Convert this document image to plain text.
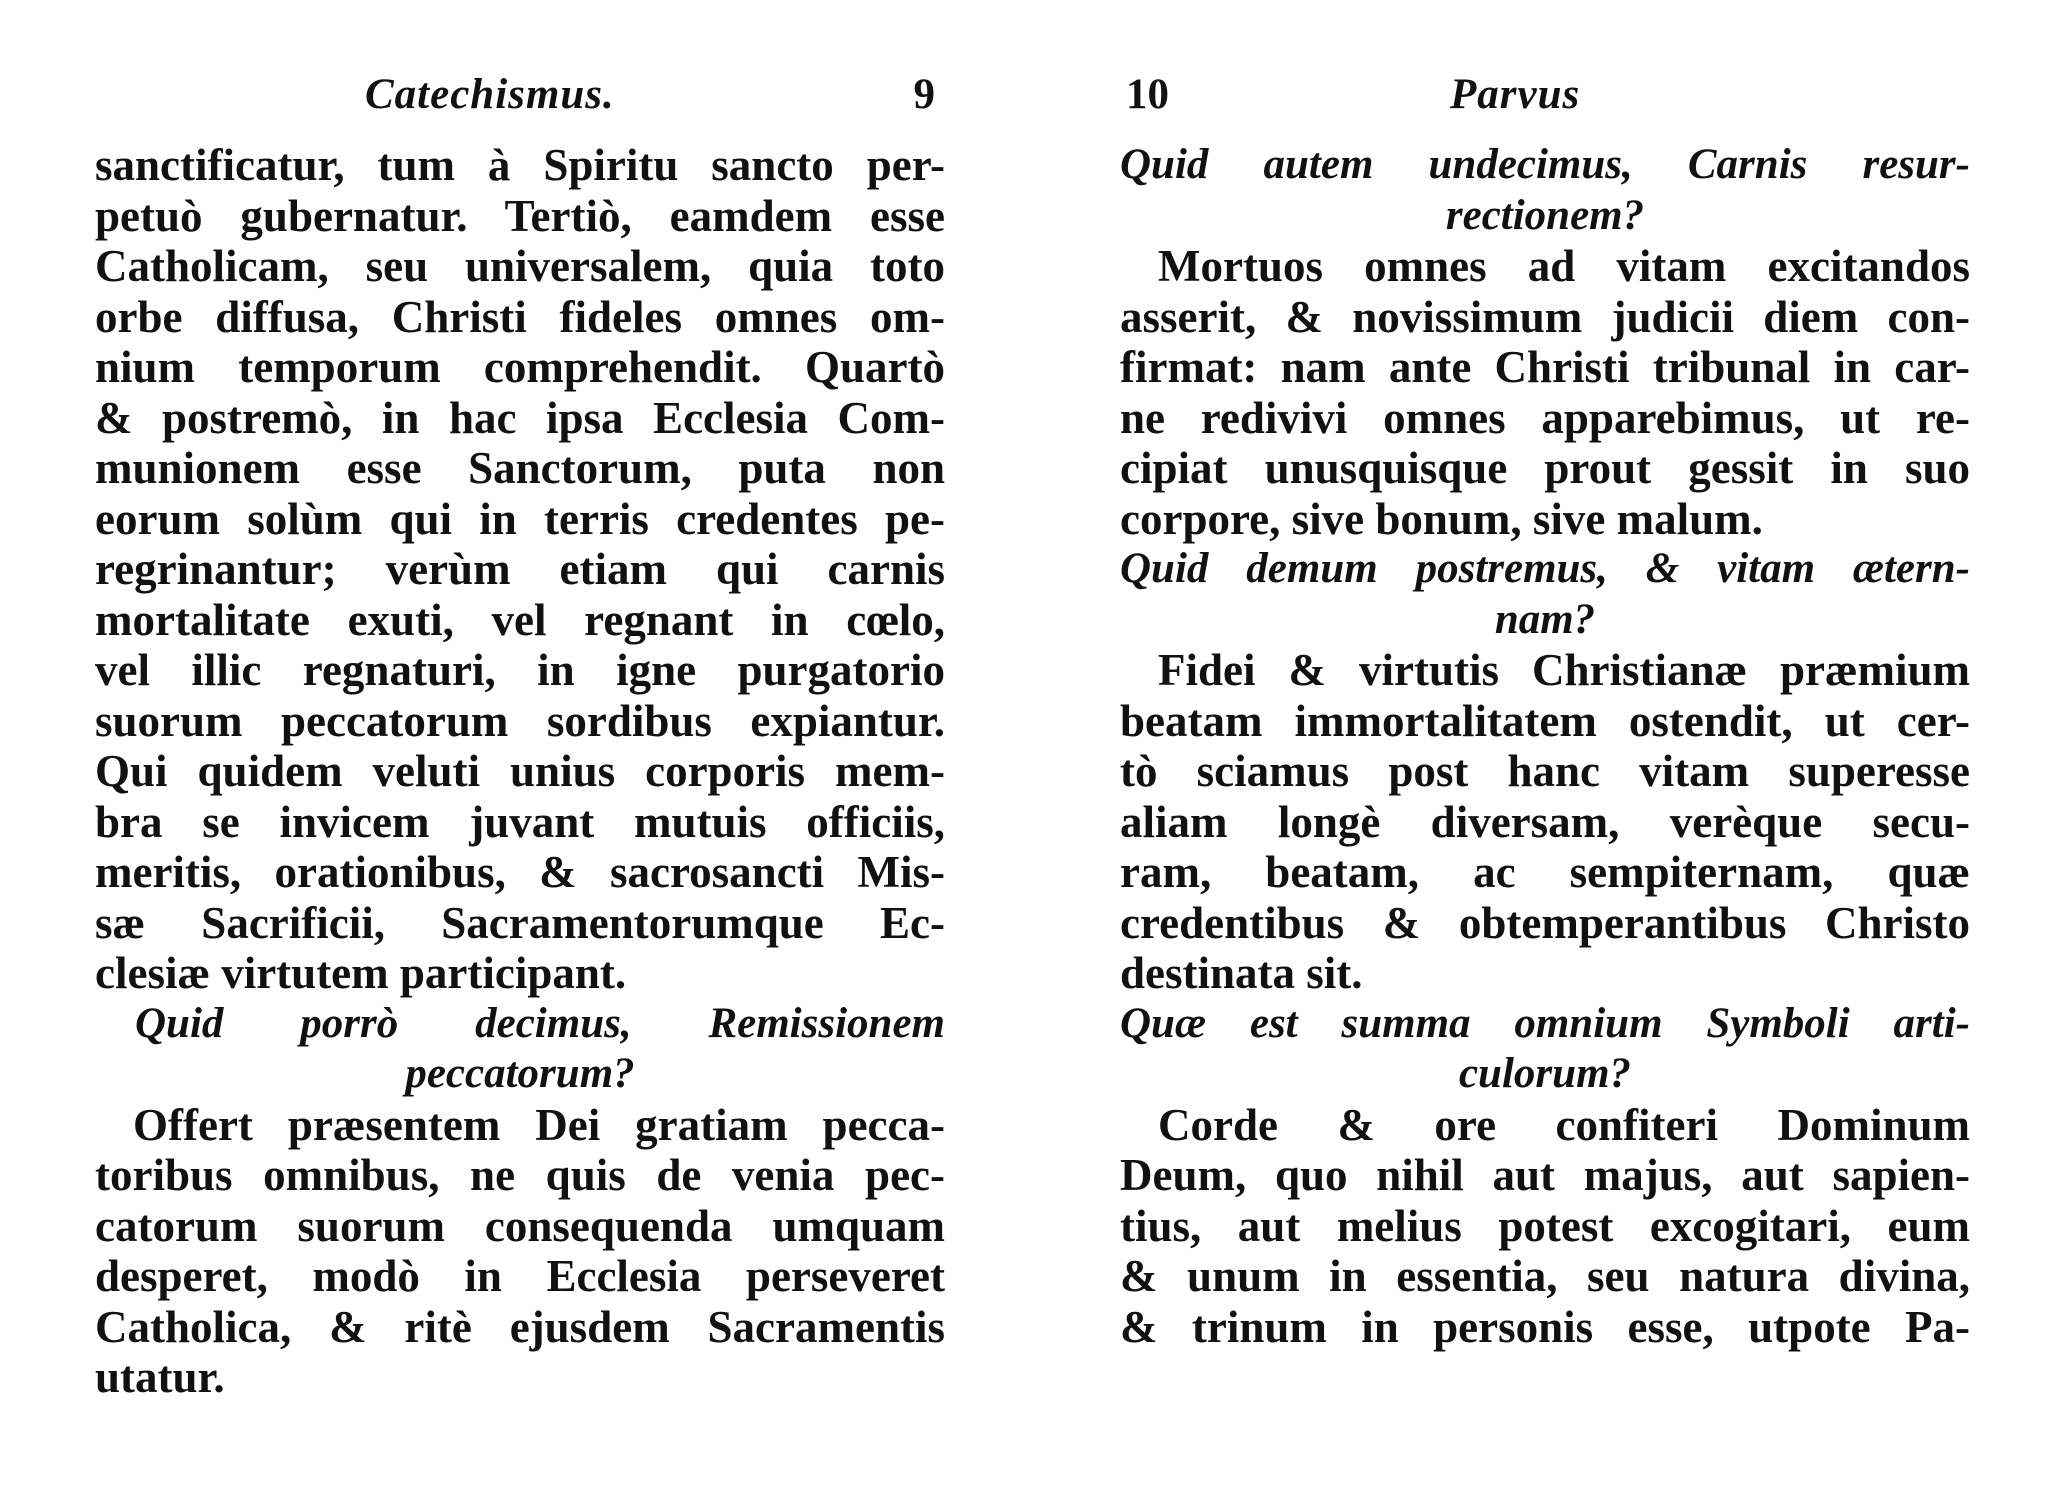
Catechismus.	9
sanctificatur, tum à Spiritu sancto per-
petuò gubernatur. Tertiò, eamdem esse
Catholicam, seu universalem, quia toto
orbe diffusa, Christi fideles omnes om-
nium temporum comprehendit. Quartò
& postremò, in hac ipsa Ecclesia Com-
munionem esse Sanctorum, puta non
eorum solùm qui in terris credentes pe-
regrinantur; verùm etiam qui carnis
mortalitate exuti, vel regnant in cœlo,
vel illic regnaturi, in igne purgatorio
suorum peccatorum sordibus expiantur.
Qui quidem veluti unius corporis mem-
bra se invicem juvant mutuis officiis,
meritis, orationibus, & sacrosancti Mis-
sæ Sacrificii, Sacramentorumque Ec-
clesiæ virtutem participant.
Quid porrò decimus, Remissionem
peccatorum?
Offert præsentem Dei gratiam pecca-
toribus omnibus, ne quis de venia pec-
catorum suorum consequenda umquam
desperet, modò in Ecclesia perseveret
Catholica, & ritè ejusdem Sacramentis
utatur.
10	Parvus
Quid autem undecimus, Carnis resur-
rectionem?
Mortuos omnes ad vitam excitandos
asserit, & novissimum judicii diem con-
firmat: nam ante Christi tribunal in car-
ne redivivi omnes apparebimus, ut re-
cipiat unusquisque prout gessit in suo
corpore, sive bonum, sive malum.
Quid demum postremus, & vitam ætern-
nam?
Fidei & virtutis Christianæ præmium
beatam immortalitatem ostendit, ut cer-
tò sciamus post hanc vitam superesse
aliam longè diversam, verèque secu-
ram, beatam, ac sempiternam, quæ
credentibus & obtemperantibus Christo
destinata sit.
Quæ est summa omnium Symboli arti-
culorum?
Corde & ore confiteri Dominum
Deum, quo nihil aut majus, aut sapien-
tius, aut melius potest excogitari, eum
& unum in essentia, seu natura divina,
& trinum in personis esse, utpote Pa-
